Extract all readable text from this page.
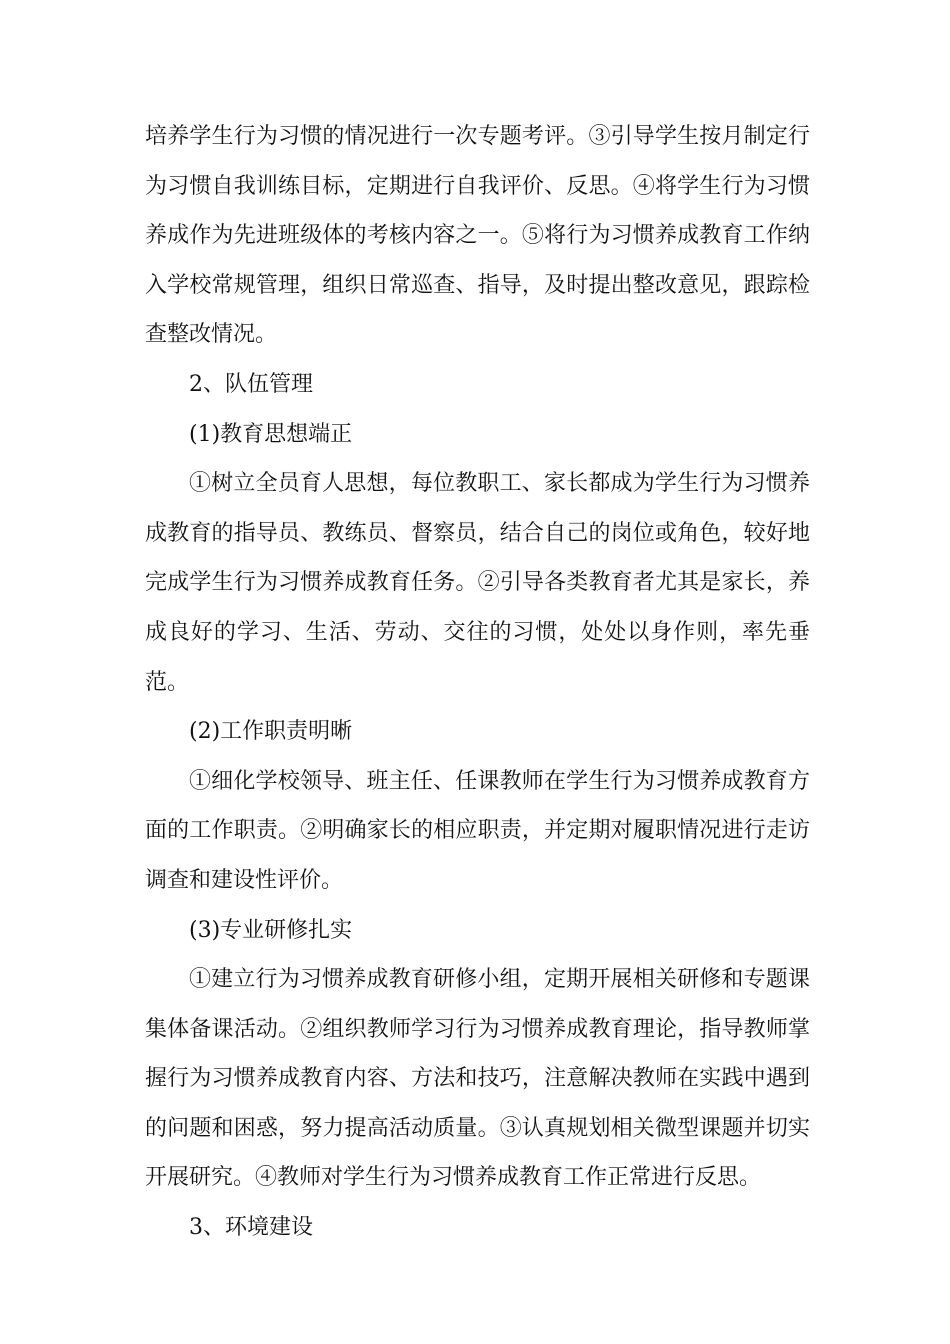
培养学生行为习惯的情况进行一次专题考评。③引导学生按月制定行为习惯自我训练目标，定期进行自我评价、反思。④将学生行为习惯养成作为先进班级体的考核内容之一。⑤将行为习惯养成教育工作纳入学校常规管理，组织日常巡查、指导，及时提出整改意见，跟踪检查整改情况。

2、队伍管理

(1)教育思想端正

①树立全员育人思想，每位教职工、家长都成为学生行为习惯养成教育的指导员、教练员、督察员，结合自己的岗位或角色，较好地完成学生行为习惯养成教育任务。②引导各类教育者尤其是家长，养成良好的学习、生活、劳动、交往的习惯，处处以身作则，率先垂范。

(2)工作职责明晰

①细化学校领导、班主任、任课教师在学生行为习惯养成教育方面的工作职责。②明确家长的相应职责，并定期对履职情况进行走访调查和建设性评价。

(3)专业研修扎实

①建立行为习惯养成教育研修小组，定期开展相关研修和专题课集体备课活动。②组织教师学习行为习惯养成教育理论，指导教师掌握行为习惯养成教育内容、方法和技巧，注意解决教师在实践中遇到的问题和困惑，努力提高活动质量。③认真规划相关微型课题并切实开展研究。④教师对学生行为习惯养成教育工作正常进行反思。

3、环境建设
